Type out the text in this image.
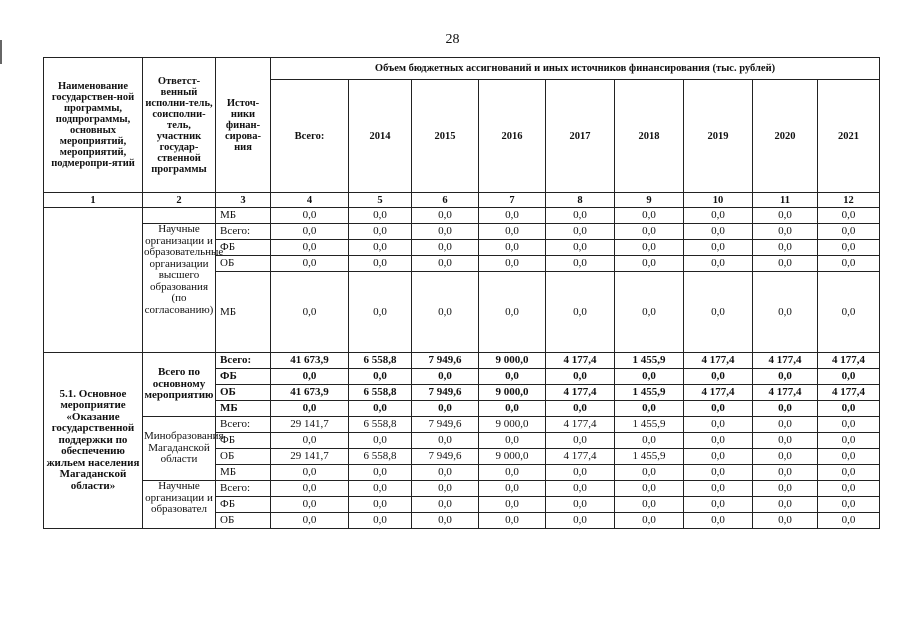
28
Наименование государствен-ной программы, подпрограммы, основных мероприятий, мероприятий, подмеропри-ятий	Ответст-венный исполни-тель, соисполни-тель, участник государ-ственной программы	Источ-ники финан-сирова-ния	Объем бюджетных ассигнований и иных источников финансирования (тыс. рублей)								
			Всего:	2014	2015	2016	2017	2018	2019	2020	2021
1	2	3	4	5	6	7	8	9	10	11	12
		МБ	0,0	0,0	0,0	0,0	0,0	0,0	0,0	0,0	0,0
	Научные организации и образовательные организации высшего образования (по согласованию)	Всего:	0,0	0,0	0,0	0,0	0,0	0,0	0,0	0,0	0,0
		ФБ	0,0	0,0	0,0	0,0	0,0	0,0	0,0	0,0	0,0
		ОБ	0,0	0,0	0,0	0,0	0,0	0,0	0,0	0,0	0,0
		МБ	0,0	0,0	0,0	0,0	0,0	0,0	0,0	0,0	0,0
5.1. Основное мероприятие «Оказание государственной поддержки по обеспечению жильем населения Магаданской области»	Всего по основному мероприятию	Всего:	41 673,9	6 558,8	7 949,6	9 000,0	4 177,4	1 455,9	4 177,4	4 177,4	4 177,4
		ФБ	0,0	0,0	0,0	0,0	0,0	0,0	0,0	0,0	0,0
		ОБ	41 673,9	6 558,8	7 949,6	9 000,0	4 177,4	1 455,9	4 177,4	4 177,4	4 177,4
		МБ	0,0	0,0	0,0	0,0	0,0	0,0	0,0	0,0	0,0
	Минобразования Магаданской области	Всего:	29 141,7	6 558,8	7 949,6	9 000,0	4 177,4	1 455,9	0,0	0,0	0,0
		ФБ	0,0	0,0	0,0	0,0	0,0	0,0	0,0	0,0	0,0
		ОБ	29 141,7	6 558,8	7 949,6	9 000,0	4 177,4	1 455,9	0,0	0,0	0,0
		МБ	0,0	0,0	0,0	0,0	0,0	0,0	0,0	0,0	0,0
	Научные организации и образовател	Всего:	0,0	0,0	0,0	0,0	0,0	0,0	0,0	0,0	0,0
		ФБ	0,0	0,0	0,0	0,0	0,0	0,0	0,0	0,0	0,0
		ОБ	0,0	0,0	0,0	0,0	0,0	0,0	0,0	0,0	0,0
